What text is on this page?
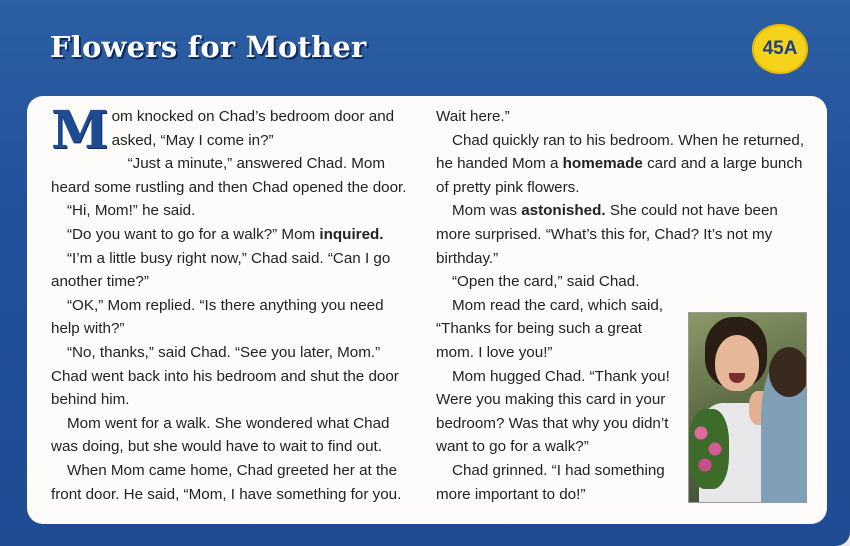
Flowers for Mother	45A

Mom knocked on Chad’s bedroom door and asked, “May I come in?”

“Just a minute,” answered Chad. Mom heard some rustling and then Chad opened the door.

“Hi, Mom!” he said.

“Do you want to go for a walk?” Mom inquired.

“I’m a little busy right now,” Chad said. “Can I go another time?”

“OK,” Mom replied. “Is there anything you need help with?”

“No, thanks,” said Chad. “See you later, Mom.” Chad went back into his bedroom and shut the door behind him.

Mom went for a walk. She wondered what Chad was doing, but she would have to wait to find out.

When Mom came home, Chad greeted her at the front door. He said, “Mom, I have something for you.

Wait here.”

Chad quickly ran to his bedroom. When he returned, he handed Mom a homemade card and a large bunch of pretty pink flowers.

Mom was astonished. She could not have been more surprised. “What’s this for, Chad? It’s not my birthday.”

“Open the card,” said Chad.

Mom read the card, which said,

“Thanks for being such a great

mom. I love you!”

Mom hugged Chad. “Thank you! Were you making this card in your bedroom? Was that why you didn’t want to go for a walk?”

Chad grinned. “I had something more important to do!”
